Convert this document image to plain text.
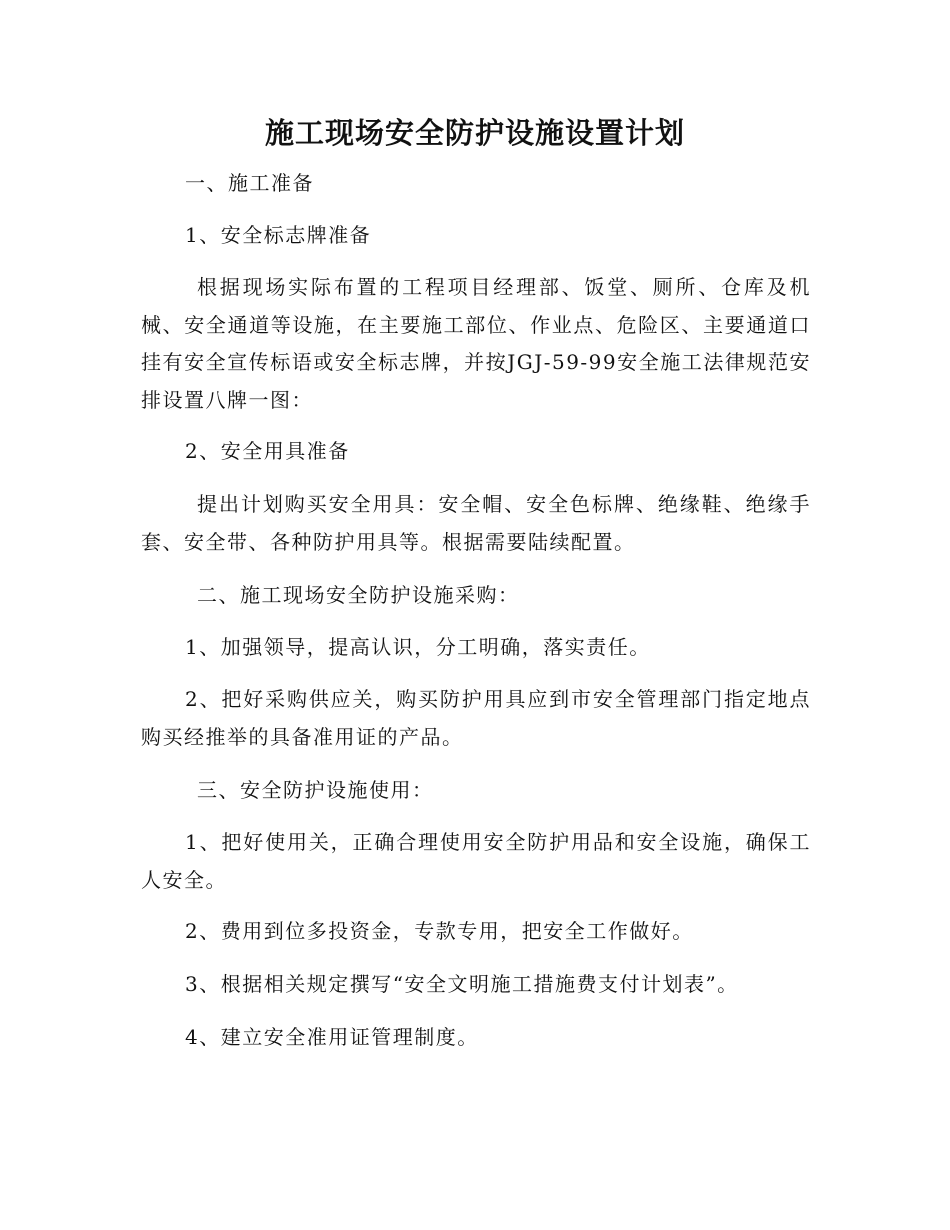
施工现场安全防护设施设置计划

一、施工准备

1、安全标志牌准备

根据现场实际布置的工程项目经理部、饭堂、厕所、仓库及机械、安全通道等设施，在主要施工部位、作业点、危险区、主要通道口挂有安全宣传标语或安全标志牌，并按JGJ-59-99安全施工法律规范安排设置八牌一图：

2、安全用具准备

提出计划购买安全用具：安全帽、安全色标牌、绝缘鞋、绝缘手套、安全带、各种防护用具等。根据需要陆续配置。

二、施工现场安全防护设施采购：

1、加强领导，提高认识，分工明确，落实责任。

2、把好采购供应关，购买防护用具应到市安全管理部门指定地点购买经推举的具备准用证的产品。

三、安全防护设施使用：

1、把好使用关，正确合理使用安全防护用品和安全设施，确保工人安全。

2、费用到位多投资金，专款专用，把安全工作做好。

3、根据相关规定撰写“安全文明施工措施费支付计划表”。

4、建立安全准用证管理制度。
